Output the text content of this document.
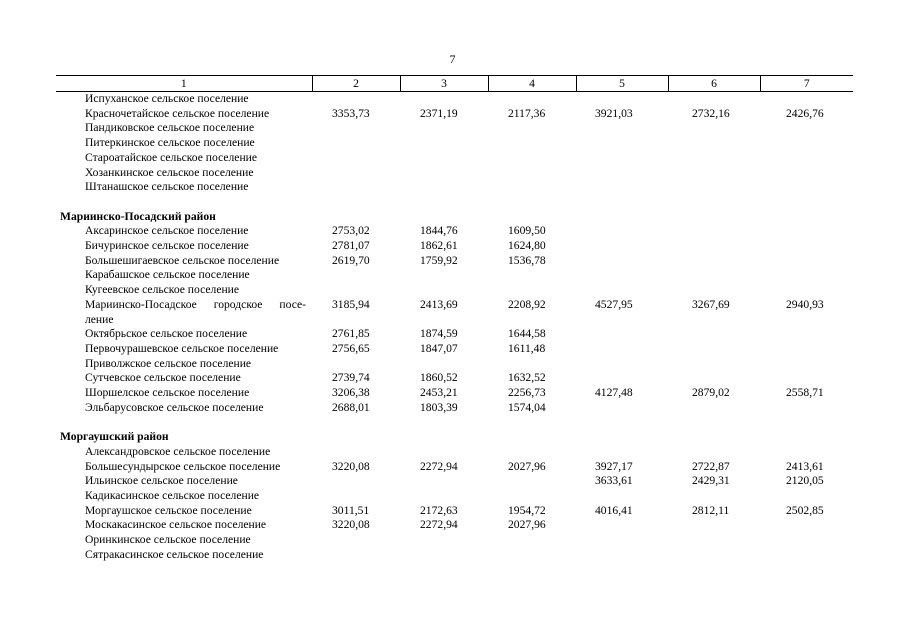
7
1	2	3	4	5	6	7
Испуханское сельское поселение						
Красночетайское сельское поселение	3353,73	2371,19	2117,36	3921,03	2732,16	2426,76
Пандиковское сельское поселение						
Питеркинское сельское поселение						
Староатайское сельское поселение						
Хозанкинское сельское поселение						
Штанашское сельское поселение						

Мариинско-Посадский район						
Аксаринское сельское поселение	2753,02	1844,76	1609,50			
Бичуринское сельское поселение	2781,07	1862,61	1624,80			
Большешигаевское сельское поселение	2619,70	1759,92	1536,78			
Карабашское сельское поселение						
Кугеевское сельское поселение						
Мариинско-Посадское городское посе-ление	3185,94	2413,69	2208,92	4527,95	3267,69	2940,93
Октябрьское сельское поселение	2761,85	1874,59	1644,58			
Первочурашевское сельское поселение	2756,65	1847,07	1611,48			
Приволжское сельское поселение						
Сутчевское сельское поселение	2739,74	1860,52	1632,52			
Шоршелское сельское поселение	3206,38	2453,21	2256,73	4127,48	2879,02	2558,71
Эльбарусовское сельское поселение	2688,01	1803,39	1574,04			

Моргаушский район						
Александровское сельское поселение						
Большесундырское сельское поселение	3220,08	2272,94	2027,96	3927,17	2722,87	2413,61
Ильинское сельское поселение				3633,61	2429,31	2120,05
Кадикасинское сельское поселение						
Моргаушское сельское поселение	3011,51	2172,63	1954,72	4016,41	2812,11	2502,85
Москакасинское сельское поселение	3220,08	2272,94	2027,96			
Оринкинское сельское поселение						
Сятракасинское сельское поселение						
